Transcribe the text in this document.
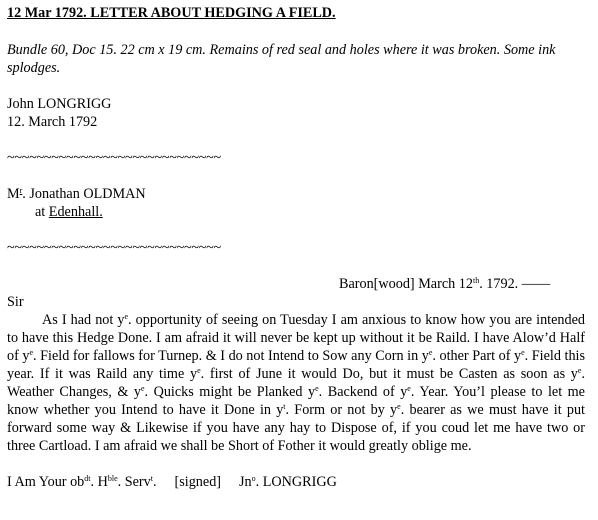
12 Mar 1792. LETTER ABOUT HEDGING A FIELD.
Bundle 60, Doc 15. 22 cm x 19 cm. Remains of red seal and holes where it was broken. Some ink splodges.
John LONGRIGG
12. March 1792
~~~~~~~~~~~~~~~~~~~~~~~~~~~~~
$M^r$. Jonathan OLDMAN
at Edenhall.
~~~~~~~~~~~~~~~~~~~~~~~~~~~~~
Baron[wood] March 12th. 1792. ——
Sir
As I had not $y^e$. opportunity of seeing on Tuesday I am anxious to know how you are intended to have this Hedge Done. I am afraid it will never be kept up without it be Raild. I have Alow’d Half of $y^e$. Field for fallows for Turnep. & I do not Intend to Sow any Corn in $y^e$. other Part of $y^e$. Field this year. If it was Raild any time $y^e$. first of June it would Do, but it must be Casten as soon as $y^e$. Weather Changes, & $y^e$. Quicks might be Planked $y^e$. Backend of $y^e$. Year. You’l please to let me know whether you Intend to have it Done in $y^t$. Form or not by $y^e$. bearer as we must have it put forward some way & Likewise if you have any hay to Dispose of, if you coud let me have two or three Cartload. I am afraid we shall be Short of Fother it would greatly oblige me.
I Am Your $ob^{dt}$. $H^{ble}$. Serv$^t$. [signed] Jn$^o$. LONGRIGG
